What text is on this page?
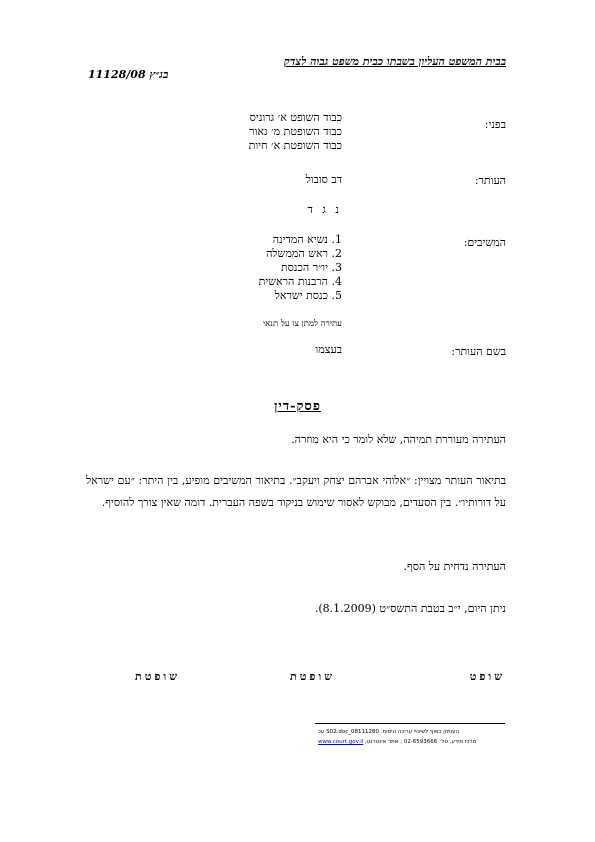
בבית המשפט העליון בשבתו כבית משפט גבוה לצדק
בג״ץ 11128/08
בפני:
כבוד השופט א׳ גרוניס
כבוד השופטת מ׳ נאור
כבוד השופטת א׳ חיות
העותר:
דב סובול
נ ג ד
המשיבים:
1. נשיא המדינה
2. ראש הממשלה
3. יו״ר הכנסת
4. הרבנות הראשית
5. כנסת ישראל
עתירה למתן צו על תנאי
בשם העותר:
בעצמו
פסק-דין
העתירה מעוררת תמיהה, שלא לומר כי היא מוזרה.
בתיאור העותר מצויין: ״אלוהי אברהם יצחק ויעקב״. בתיאור המשיבים מופיע, בין היתר: ״עם ישראל על דורותיו״. בין הסעדים, מבוקש לאסור שימוש בניקוד בשפה העברית. דומה שאין צורך להוסיף.
העתירה נדחית על הסף.
ניתן היום, י״ב בטבת התשס״ט (8.1.2009).
שופט
שופטת
שופטת
העותק כפוף לשינויי עריכה וניסוח. 08111280_S02.doc עכ
מרכז מידע, טל׳ 02-6593666 ; אתר אינטרנט, www.court.gov.il
